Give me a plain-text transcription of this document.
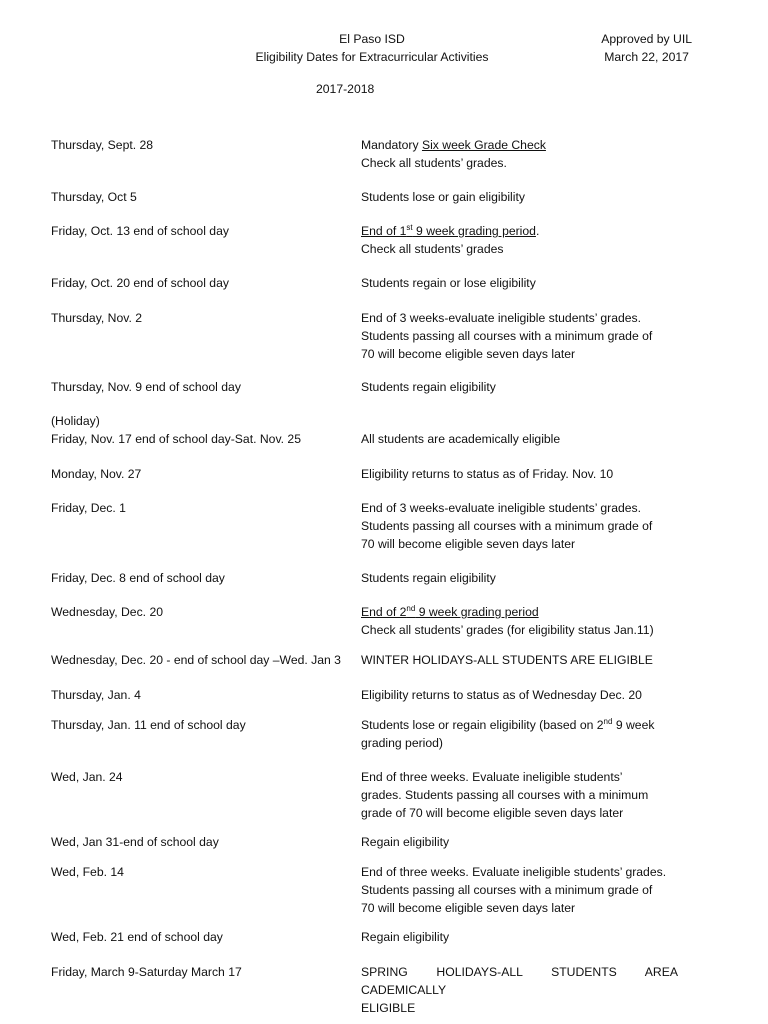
El Paso ISD
Eligibility Dates for Extracurricular Activities
2017-2018
Approved by UIL
March 22, 2017
Thursday, Sept. 28	Mandatory Six week Grade Check
Check all students’ grades.
Thursday, Oct 5	Students lose or gain eligibility
Friday, Oct. 13 end of school day	End of 1st 9 week grading period.
Check all students’ grades
Friday, Oct. 20 end of school day	Students regain or lose eligibility
Thursday, Nov. 2	End of 3 weeks-evaluate ineligible students’ grades.
Students passing all courses with a minimum grade of
70 will become eligible seven days later
Thursday, Nov. 9 end of school day	Students regain eligibility
(Holiday)
Friday, Nov. 17 end of school day-Sat. Nov. 25	All students are academically eligible
Monday, Nov. 27	Eligibility returns to status as of Friday. Nov. 10
Friday, Dec. 1	End of 3 weeks-evaluate ineligible students’ grades.
Students passing all courses with a minimum grade of
70 will become eligible seven days later
Friday, Dec. 8 end of school day	Students regain eligibility
Wednesday, Dec. 20	End of 2nd 9 week grading period
Check all students’ grades (for eligibility status Jan.11)
Wednesday, Dec. 20 - end of school day –Wed. Jan 3	WINTER HOLIDAYS-ALL STUDENTS ARE ELIGIBLE
Thursday, Jan. 4	Eligibility returns to status as of Wednesday Dec. 20
Thursday, Jan. 11 end of school day	Students lose or regain eligibility (based on 2nd 9 week
grading period)
Wed, Jan. 24	End of three weeks. Evaluate ineligible students’
grades. Students passing all courses with a minimum
grade of 70 will become eligible seven days later
Wed, Jan 31-end of school day	Regain eligibility
Wed, Feb. 14	End of three weeks. Evaluate ineligible students’ grades.
Students passing all courses with a minimum grade of
70 will become eligible seven days later
Wed, Feb. 21 end of school day	Regain eligibility
Friday, March 9-Saturday March 17	SPRING HOLIDAYS-ALL STUDENTS AREA CADEMICALLY
ELIGIBLE
